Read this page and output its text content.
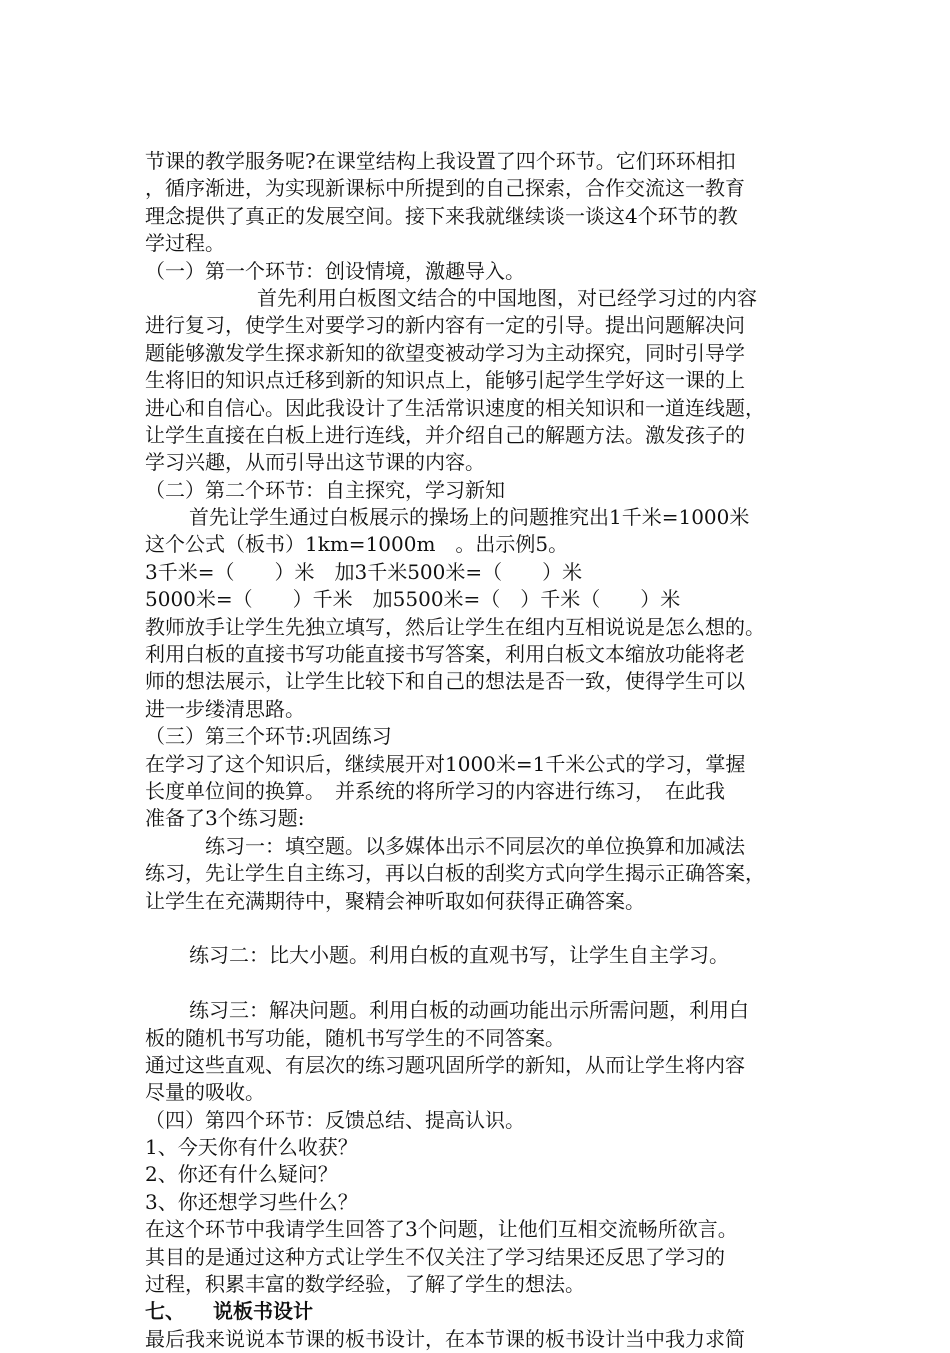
节课的教学服务呢?在课堂结构上我设置了四个环节。它们环环相扣
，循序渐进，为实现新课标中所提到的自己探索，合作交流这一教育
理念提供了真正的发展空间。接下来我就继续谈一谈这4个环节的教
学过程。
（一）第一个环节：创设情境，激趣导入。
首先利用白板图文结合的中国地图，对已经学习过的内容
进行复习，使学生对要学习的新内容有一定的引导。提出问题解决问
题能够激发学生探求新知的欲望变被动学习为主动探究，同时引导学
生将旧的知识点迁移到新的知识点上，能够引起学生学好这一课的上
进心和自信心。因此我设计了生活常识速度的相关知识和一道连线题，
让学生直接在白板上进行连线，并介绍自己的解题方法。激发孩子的
学习兴趣，从而引导出这节课的内容。
（二）第二个环节：自主探究，学习新知
首先让学生通过白板展示的操场上的问题推究出1千米=1000米
这个公式（板书）1km=1000m　。出示例5。
3千米=（　　）米 加3千米500米=（　　）米
5000米=（　　）千米 加5500米=（　）千米（　　）米
教师放手让学生先独立填写，然后让学生在组内互相说说是怎么想的。
利用白板的直接书写功能直接书写答案，利用白板文本缩放功能将老
师的想法展示，让学生比较下和自己的想法是否一致，使得学生可以
进一步缕清思路。
（三）第三个环节:巩固练习
在学习了这个知识后，继续展开对1000米=1千米公式的学习，掌握
长度单位间的换算。　并系统的将所学习的内容进行练习，　在此我
准备了3个练习题:
练习一：填空题。以多媒体出示不同层次的单位换算和加减法
练习，先让学生自主练习，再以白板的刮奖方式向学生揭示正确答案，
让学生在充满期待中，聚精会神听取如何获得正确答案。
练习二：比大小题。利用白板的直观书写，让学生自主学习。
练习三：解决问题。利用白板的动画功能出示所需问题，利用白
板的随机书写功能，随机书写学生的不同答案。
通过这些直观、有层次的练习题巩固所学的新知，从而让学生将内容
尽量的吸收。
（四）第四个环节：反馈总结、提高认识。
1、今天你有什么收获？
2、你还有什么疑问？
3、你还想学习些什么？
在这个环节中我请学生回答了3个问题，让他们互相交流畅所欲言。
其目的是通过这种方式让学生不仅关注了学习结果还反思了学习的
过程，积累丰富的数学经验，了解了学生的想法。
七、 说板书设计
最后我来说说本节课的板书设计，在本节课的板书设计当中我力求简
